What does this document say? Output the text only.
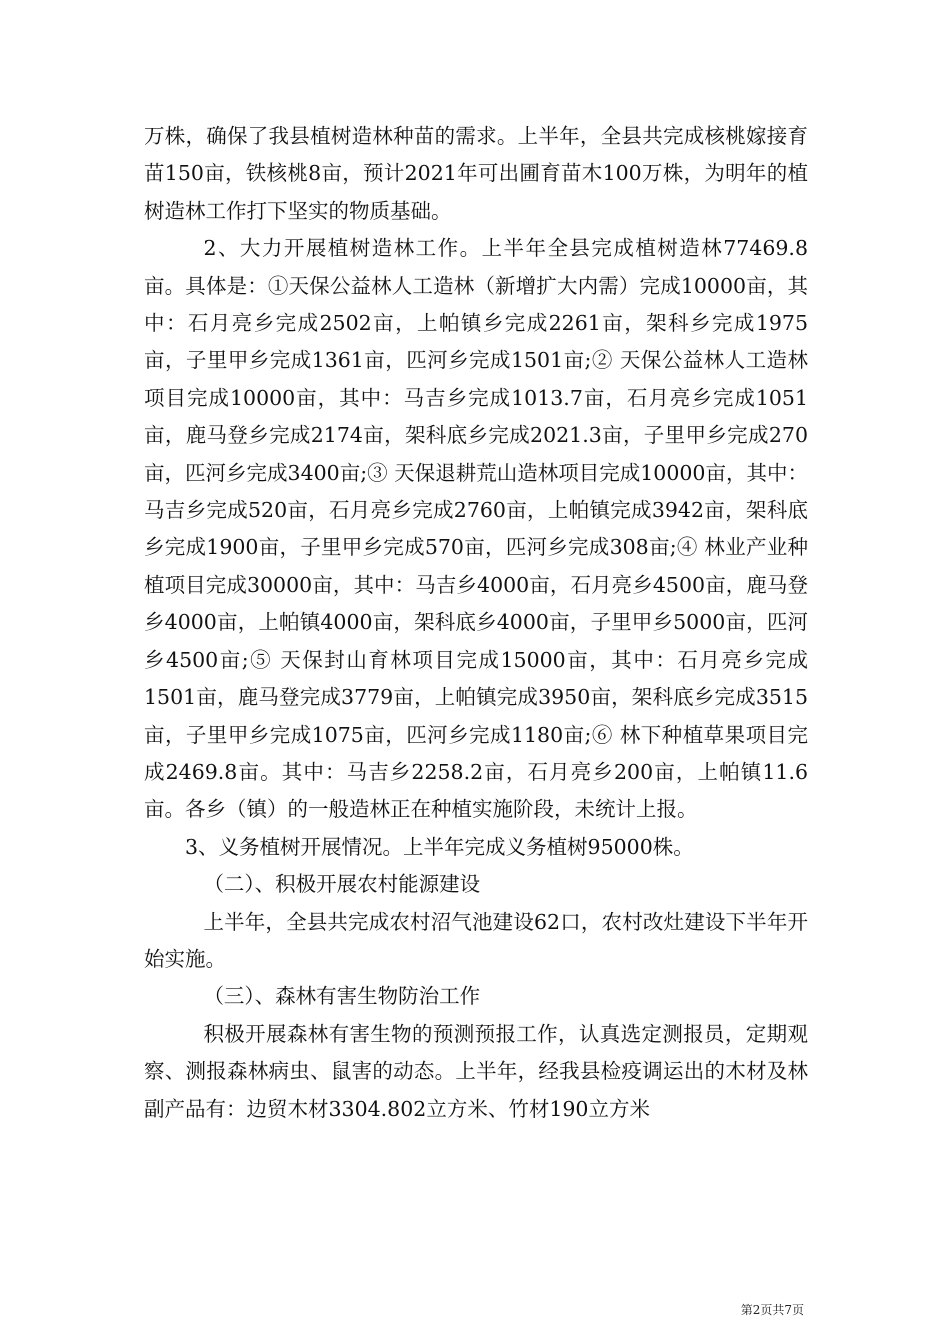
万株，确保了我县植树造林种苗的需求。上半年，全县共完成核桃嫁接育苗150亩，铁核桃8亩，预计2021年可出圃育苗木100万株，为明年的植树造林工作打下坚实的物质基础。

2、大力开展植树造林工作。上半年全县完成植树造林77469.8亩。具体是：①天保公益林人工造林（新增扩大内需）完成10000亩，其中：石月亮乡完成2502亩，上帕镇乡完成2261亩，架科乡完成1975亩，子里甲乡完成1361亩，匹河乡完成1501亩;② 天保公益林人工造林项目完成10000亩，其中：马吉乡完成1013.7亩，石月亮乡完成1051亩，鹿马登乡完成2174亩，架科底乡完成2021.3亩，子里甲乡完成270亩，匹河乡完成3400亩;③ 天保退耕荒山造林项目完成10000亩，其中：马吉乡完成520亩，石月亮乡完成2760亩，上帕镇完成3942亩，架科底乡完成1900亩，子里甲乡完成570亩，匹河乡完成308亩;④ 林业产业种植项目完成30000亩，其中：马吉乡4000亩，石月亮乡4500亩，鹿马登乡4000亩，上帕镇4000亩，架科底乡4000亩，子里甲乡5000亩，匹河乡4500亩;⑤ 天保封山育林项目完成15000亩，其中：石月亮乡完成1501亩，鹿马登完成3779亩，上帕镇完成3950亩，架科底乡完成3515亩，子里甲乡完成1075亩，匹河乡完成1180亩;⑥ 林下种植草果项目完成2469.8亩。其中：马吉乡2258.2亩，石月亮乡200亩，上帕镇11.6亩。各乡（镇）的一般造林正在种植实施阶段，未统计上报。

3、义务植树开展情况。上半年完成义务植树95000株。

（二）、积极开展农村能源建设

上半年，全县共完成农村沼气池建设62口，农村改灶建设下半年开始实施。

（三）、森林有害生物防治工作

积极开展森林有害生物的预测预报工作，认真选定测报员，定期观察、测报森林病虫、鼠害的动态。上半年，经我县检疫调运出的木材及林副产品有：边贸木材3304.802立方米、竹材190立方米

第2页共7页
